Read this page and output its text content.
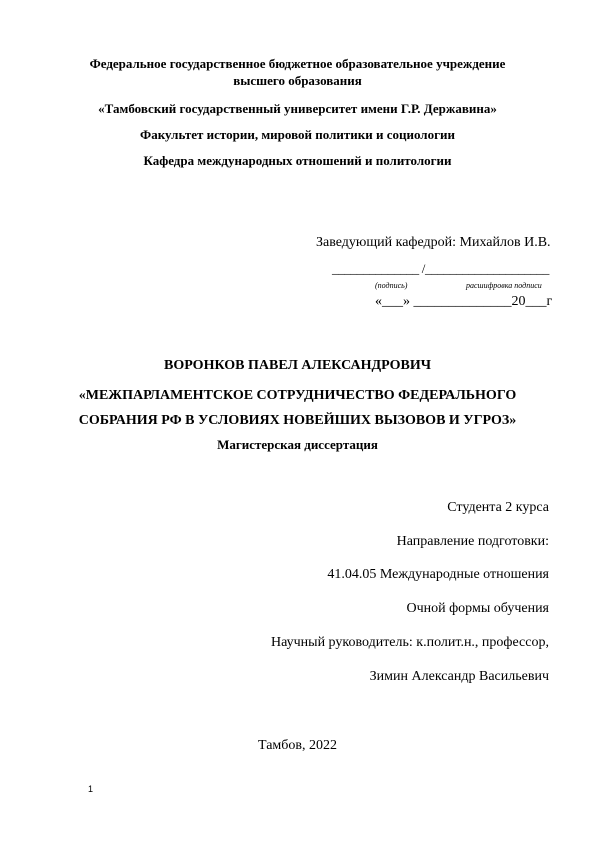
Федеральное государственное бюджетное образовательное учреждение
высшего образования
«Тамбовский государственный университет имени Г.Р. Державина»
Факультет истории, мировой политики и социологии
Кафедра международных отношений и политологии
Заведующий кафедрой: Михайлов И.В.
______________ /____________________
(подпись)	расшифровка подписи
«___» ______________20___г
ВОРОНКОВ ПАВЕЛ АЛЕКСАНДРОВИЧ
«МЕЖПАРЛАМЕНТСКОЕ СОТРУДНИЧЕСТВО ФЕДЕРАЛЬНОГО
СОБРАНИЯ РФ В УСЛОВИЯХ НОВЕЙШИХ ВЫЗОВОВ И УГРОЗ»
Магистерская диссертация
Студента 2 курса
Направление подготовки:
41.04.05 Международные отношения
Очной формы обучения
Научный руководитель: к.полит.н., профессор,
Зимин Александр Васильевич
Тамбов, 2022
1
